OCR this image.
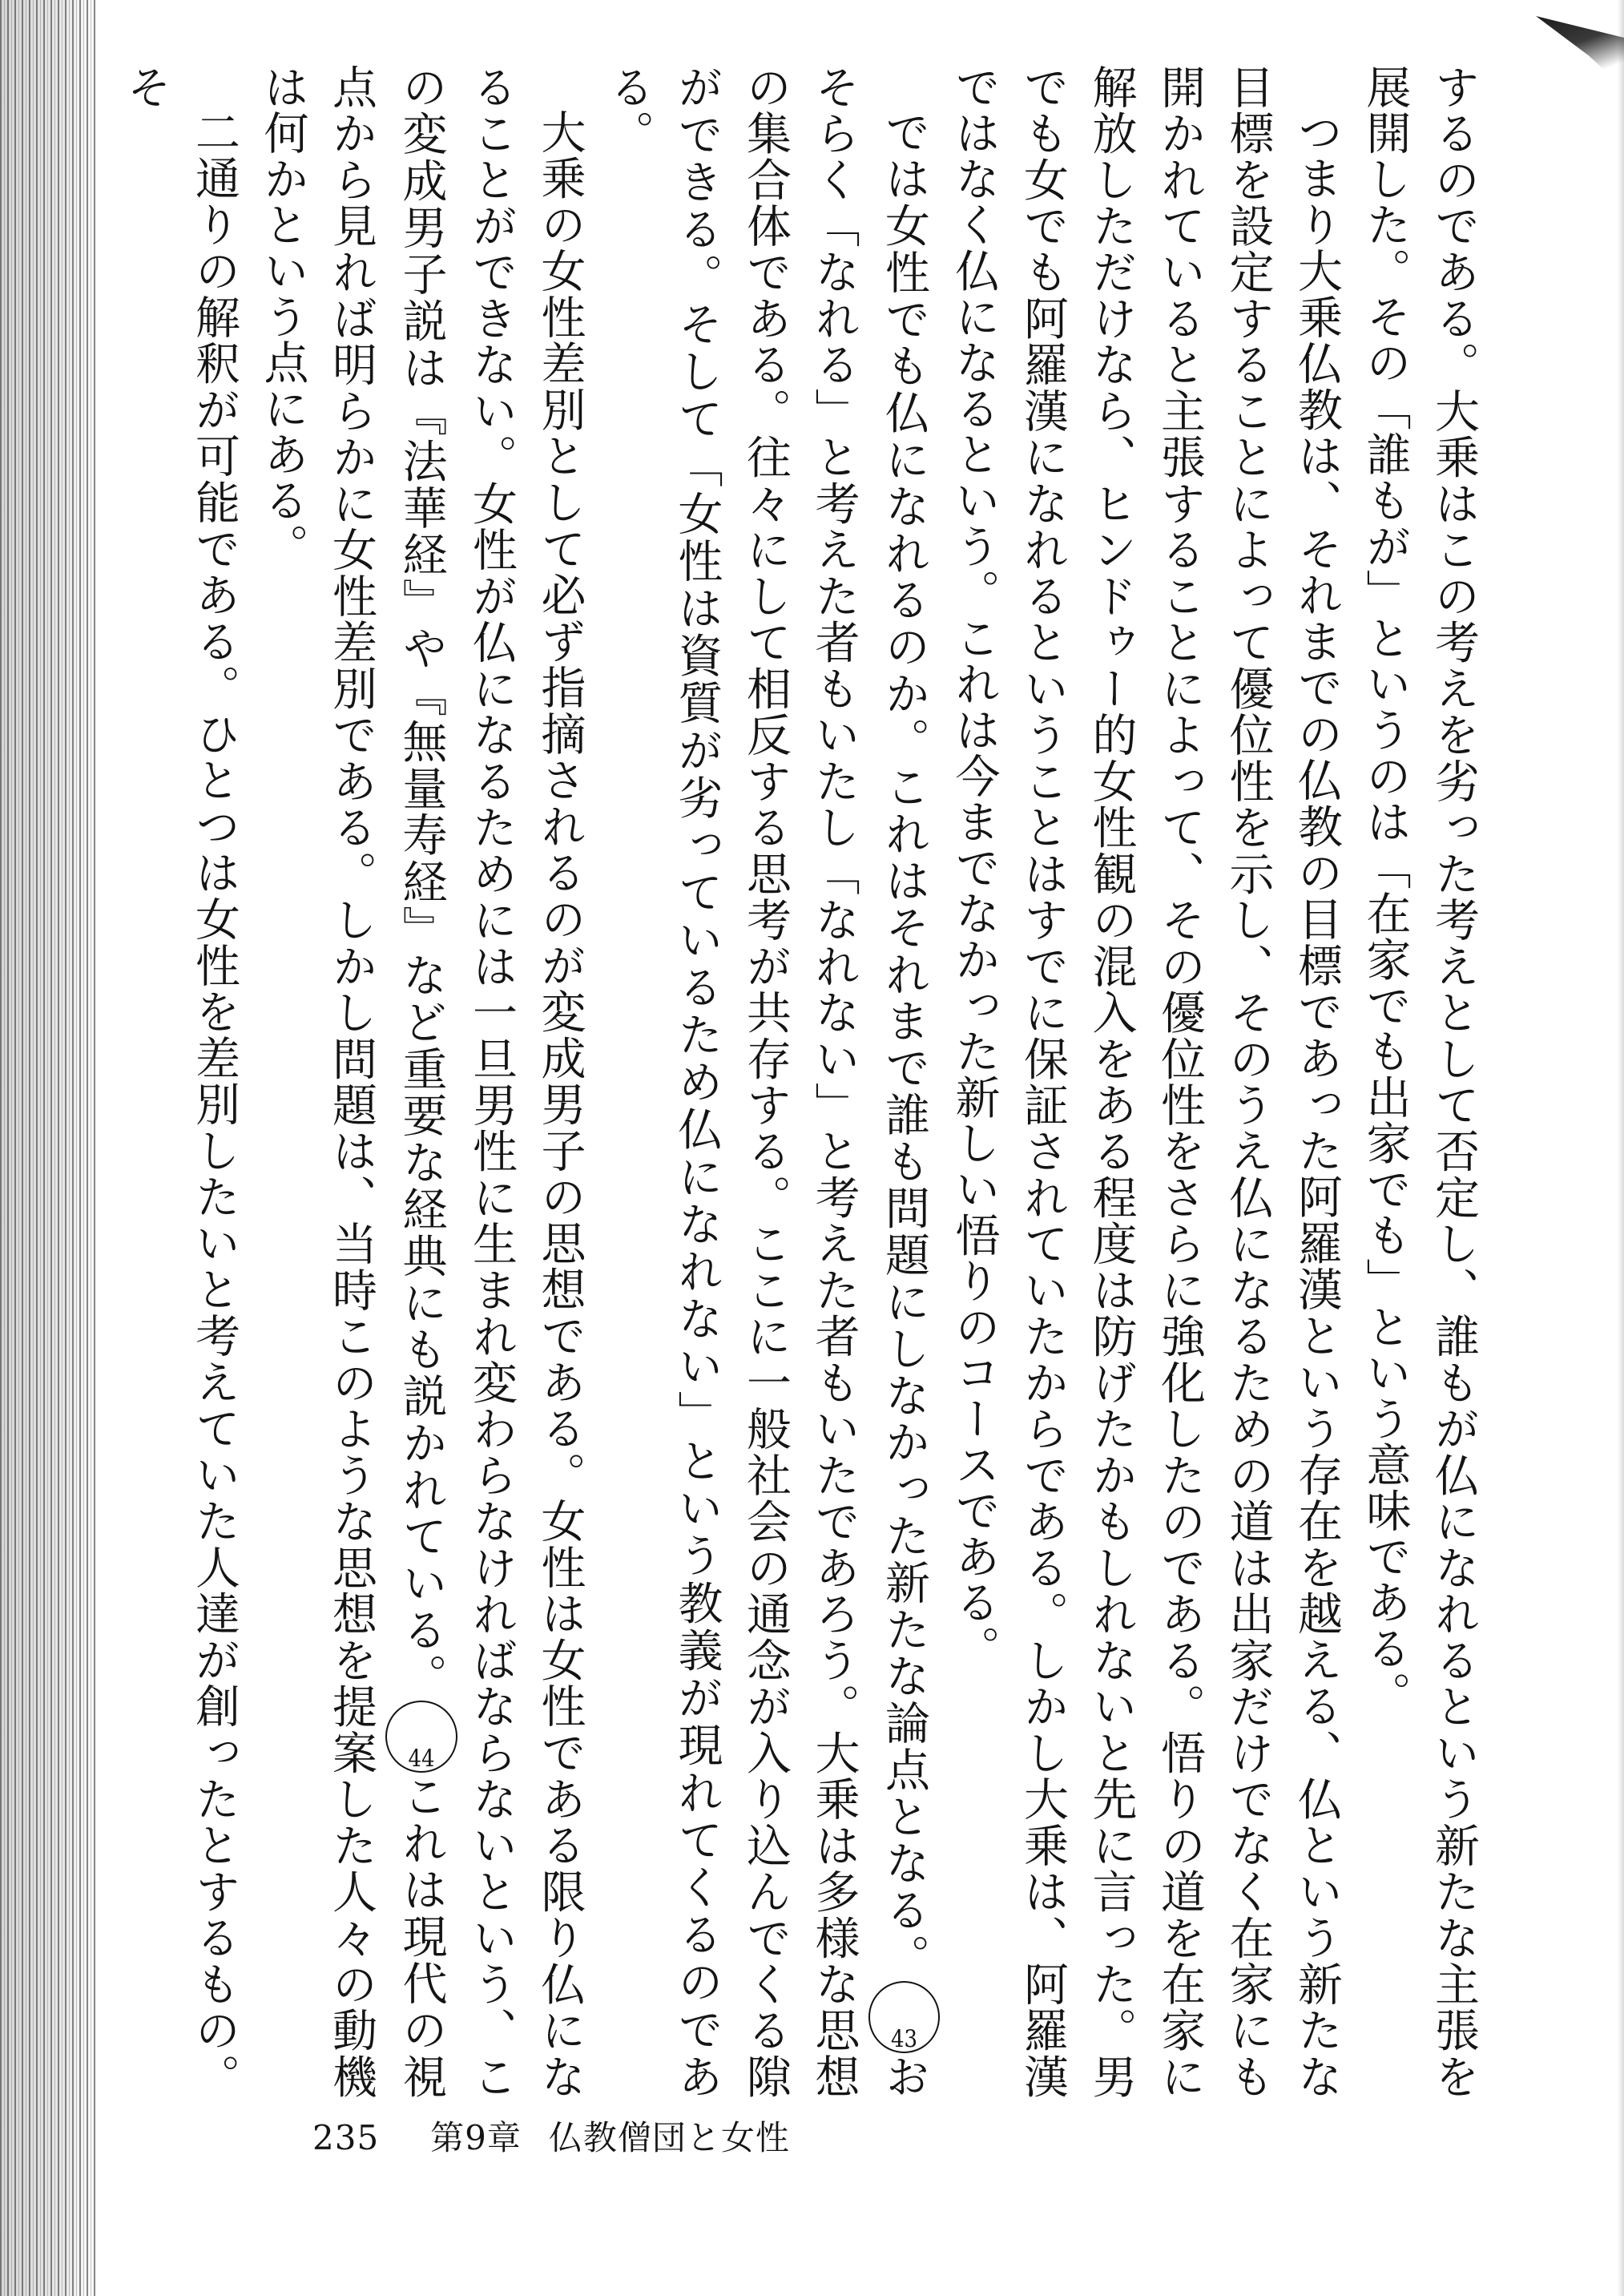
するのである。大乗はこの考えを劣った考えとして否定し、誰もが仏になれるという新たな主張を展開した。その「誰もが」というのは「在家でも出家でも」という意味である。

つまり大乗仏教は、それまでの仏教の目標であった阿羅漢という存在を越える、仏という新たな目標を設定することによって優位性を示し、そのうえ仏になるための道は出家だけでなく在家にも開かれていると主張することによって、その優位性をさらに強化したのである。悟りの道を在家に解放しただけなら、ヒンドゥー的女性観の混入をある程度は防げたかもしれないと先に言った。男でも女でも阿羅漢になれるということはすでに保証されていたからである。しかし大乗は、阿羅漢ではなく仏になるという。これは今までなかった新しい悟りのコースである。

では女性でも仏になれるのか。これはそれまで誰も問題にしなかった新たな論点となる。43おそらく「なれる」と考えた者もいたし「なれない」と考えた者もいたであろう。大乗は多様な思想の集合体である。往々にして相反する思考が共存する。ここに一般社会の通念が入り込んでくる隙ができる。そして「女性は資質が劣っているため仏になれない」という教義が現れてくるのである。

大乗の女性差別として必ず指摘されるのが変成男子の思想である。女性は女性である限り仏になることができない。女性が仏になるためには一旦男性に生まれ変わらなければならないという、この変成男子説は『法華経』や『無量寿経』など重要な経典にも説かれている。44これは現代の視点から見れば明らかに女性差別である。しかし問題は、当時このような思想を提案した人々の動機は何かという点にある。

二通りの解釈が可能である。ひとつは女性を差別したいと考えていた人達が創ったとするもの。そ

235 第9章 仏教僧団と女性
